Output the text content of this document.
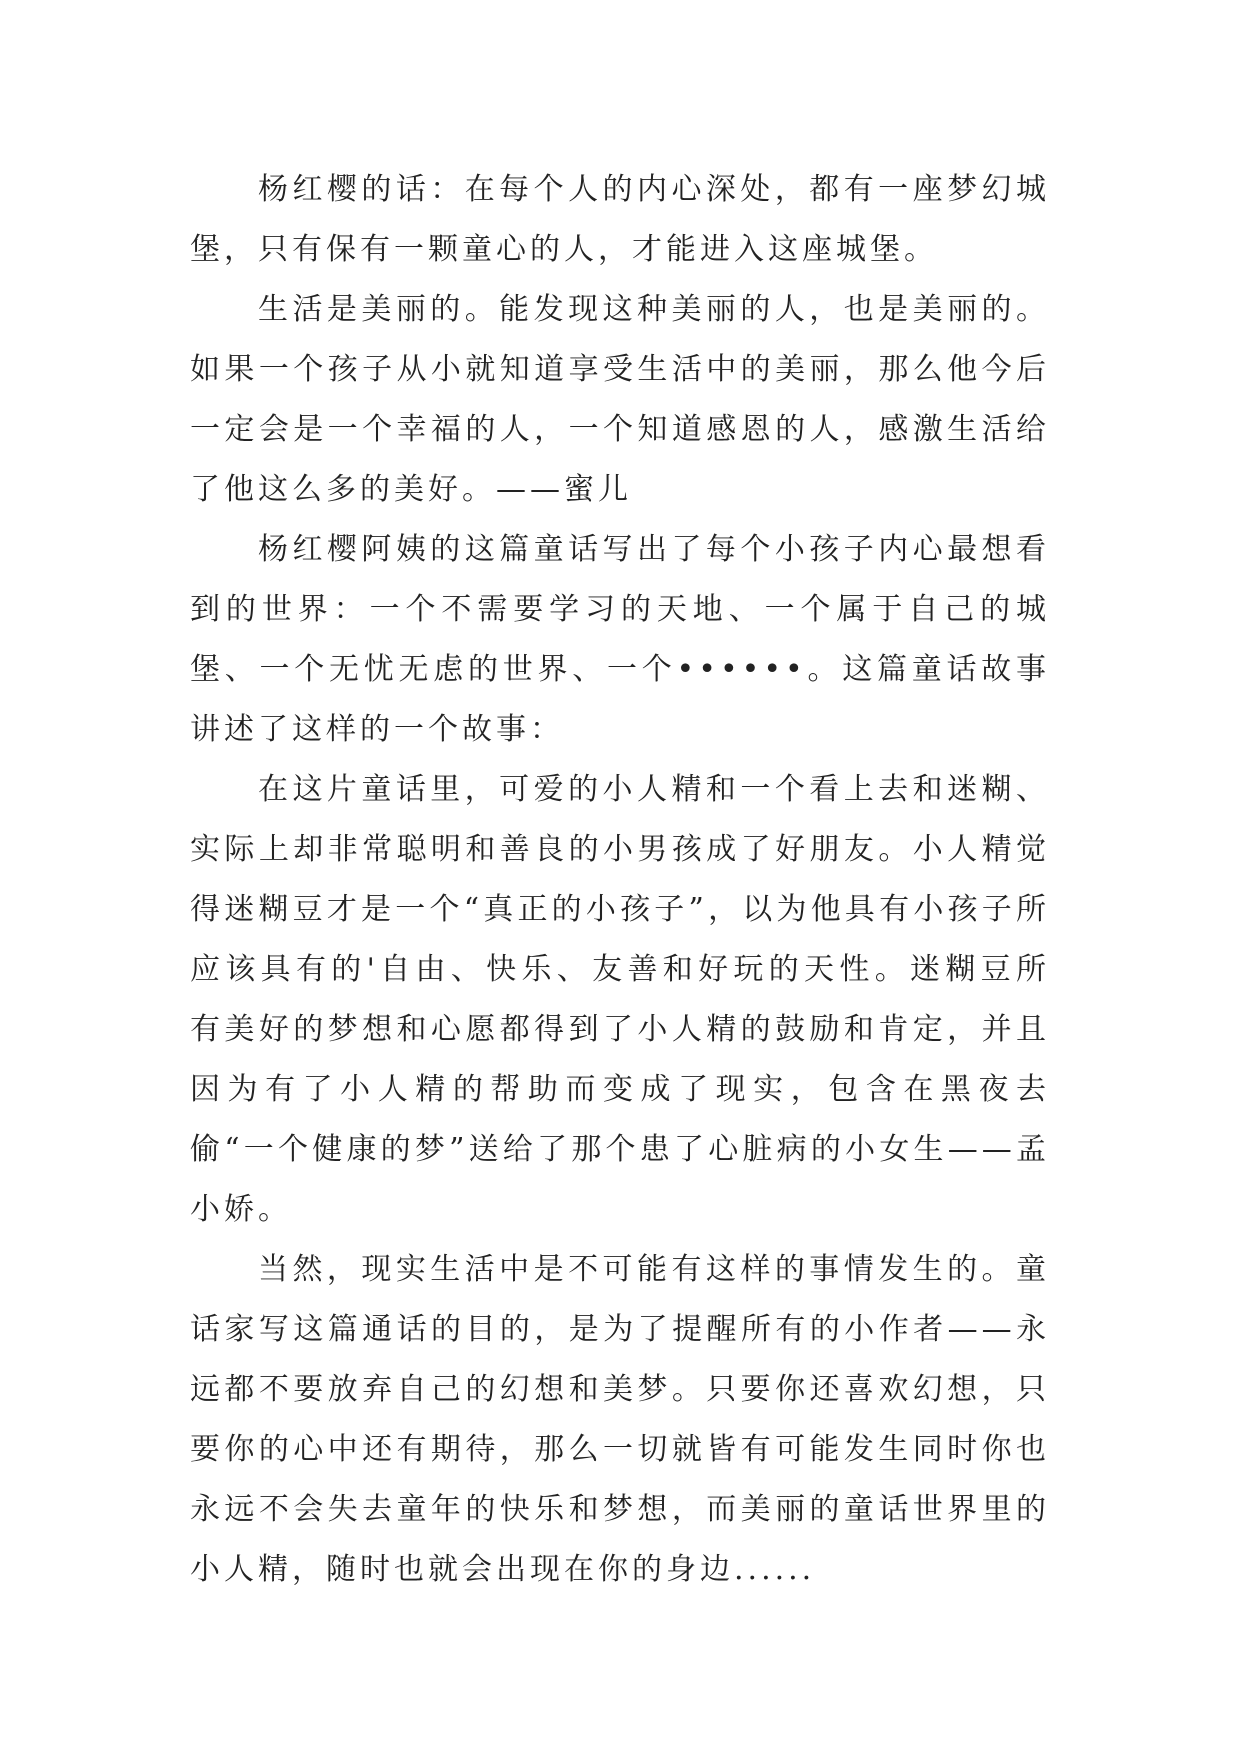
杨红樱的话：在每个人的内心深处，都有一座梦幻城堡，只有保有一颗童心的人，才能进入这座城堡。

生活是美丽的。能发现这种美丽的人，也是美丽的。如果一个孩子从小就知道享受生活中的美丽，那么他今后一定会是一个幸福的人，一个知道感恩的人，感激生活给了他这么多的美好。——蜜儿

杨红樱阿姨的这篇童话写出了每个小孩子内心最想看到的世界：一个不需要学习的天地、一个属于自己的城堡、一个无忧无虑的世界、一个••••••。这篇童话故事讲述了这样的一个故事：

在这片童话里，可爱的小人精和一个看上去和迷糊、实际上却非常聪明和善良的小男孩成了好朋友。小人精觉得迷糊豆才是一个“真正的小孩子”，以为他具有小孩子所应该具有的'自由、快乐、友善和好玩的天性。迷糊豆所有美好的梦想和心愿都得到了小人精的鼓励和肯定，并且因为有了小人精的帮助而变成了现实，包含在黑夜去偷“一个健康的梦”送给了那个患了心脏病的小女生——孟小娇。

当然，现实生活中是不可能有这样的事情发生的。童话家写这篇通话的目的，是为了提醒所有的小作者——永远都不要放弃自己的幻想和美梦。只要你还喜欢幻想，只要你的心中还有期待，那么一切就皆有可能发生同时你也永远不会失去童年的快乐和梦想，而美丽的童话世界里的小人精，随时也就会出现在你的身边......
